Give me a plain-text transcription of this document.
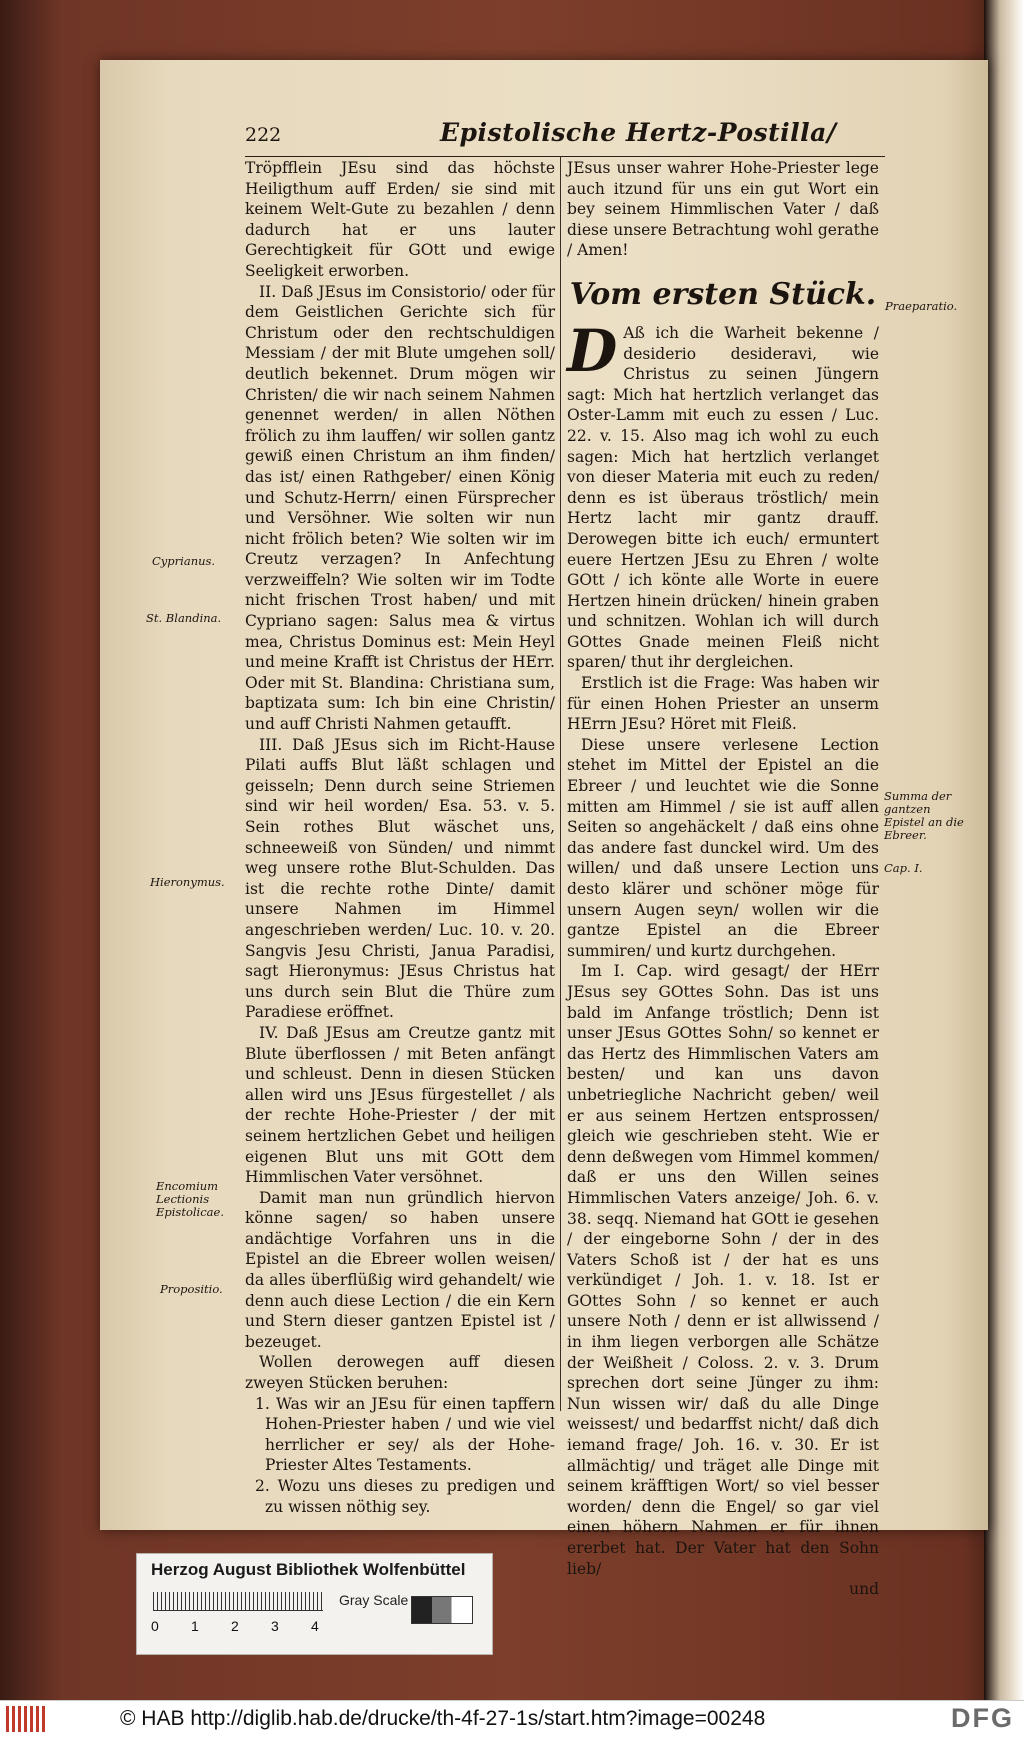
222	Epistolische Hertz-Postilla/

Tröpfflein JEsu sind das höchste Heiligthum auff Erden/ sie sind mit keinem Welt-Gute zu bezahlen / denn dadurch hat er uns lauter Gerechtigkeit für GOtt und ewige Seeligkeit erworben.

II. Daß JEsus im Consistorio/ oder für dem Geistlichen Gerichte sich für Christum oder den rechtschuldigen Messiam / der mit Blute umgehen soll/ deutlich bekennet. Drum mögen wir Christen/ die wir nach seinem Nahmen genennet werden/ in allen Nöthen frölich zu ihm lauffen/ wir sollen gantz gewiß einen Christum an ihm finden/ das ist/ einen Rathgeber/ einen König und Schutz-Herrn/ einen Fürsprecher und Versöhner. Wie solten wir nun nicht frölich beten? Wie solten wir im Creutz verzagen? In Anfechtung verzweiffeln? Wie solten wir im Todte nicht frischen Trost haben/ und mit Cypriano sagen: Salus mea & virtus mea, Christus Dominus est: Mein Heyl und meine Krafft ist Christus der HErr. Oder mit St. Blandina: Christiana sum, baptizata sum: Ich bin eine Christin/ und auff Christi Nahmen getaufft.

III. Daß JEsus sich im Richt-Hause Pilati auffs Blut läßt schlagen und geisseln; Denn durch seine Striemen sind wir heil worden/ Esa. 53. v. 5. Sein rothes Blut wäschet uns, schneeweiß von Sünden/ und nimmt weg unsere rothe Blut-Schulden. Das ist die rechte rothe Dinte/ damit unsere Nahmen im Himmel angeschrieben werden/ Luc. 10. v. 20. Sangvis Jesu Christi, Janua Paradisi, sagt Hieronymus: JEsus Christus hat uns durch sein Blut die Thüre zum Paradiese eröffnet.

IV. Daß JEsus am Creutze gantz mit Blute überflossen / mit Beten anfängt und schleust. Denn in diesen Stücken allen wird uns JEsus fürgestellet / als der rechte Hohe-Priester / der mit seinem hertzlichen Gebet und heiligen eigenen Blut uns mit GOtt dem Himmlischen Vater versöhnet.

Damit man nun gründlich hiervon könne sagen/ so haben unsere andächtige Vorfahren uns in die Epistel an die Ebreer wollen weisen/ da alles überflüßig wird gehandelt/ wie denn auch diese Lection / die ein Kern und Stern dieser gantzen Epistel ist / bezeuget.

Wollen derowegen auff diesen zweyen Stücken beruhen:

1. Was wir an JEsu für einen tapffern Hohen-Priester haben / und wie viel herrlicher er sey/ als der Hohe-Priester Altes Testaments.

2. Wozu uns dieses zu predigen und zu wissen nöthig sey.

JEsus unser wahrer Hohe-Priester lege auch itzund für uns ein gut Wort ein bey seinem Himmlischen Vater / daß diese unsere Betrachtung wohl gerathe / Amen!

Vom ersten Stück.

D Aß ich die Warheit bekenne / desiderio desideravi, wie Christus zu seinen Jüngern sagt: Mich hat hertzlich verlanget das Oster-Lamm mit euch zu essen / Luc. 22. v. 15. Also mag ich wohl zu euch sagen: Mich hat hertzlich verlanget von dieser Materia mit euch zu reden/ denn es ist überaus tröstlich/ mein Hertz lacht mir gantz drauff. Derowegen bitte ich euch/ ermuntert euere Hertzen JEsu zu Ehren / wolte GOtt / ich könte alle Worte in euere Hertzen hinein drücken/ hinein graben und schnitzen. Wohlan ich will durch GOttes Gnade meinen Fleiß nicht sparen/ thut ihr dergleichen.

Erstlich ist die Frage: Was haben wir für einen Hohen Priester an unserm HErrn JEsu? Höret mit Fleiß.

Diese unsere verlesene Lection stehet im Mittel der Epistel an die Ebreer / und leuchtet wie die Sonne mitten am Himmel / sie ist auff allen Seiten so angehäckelt / daß eins ohne das andere fast dunckel wird. Um des willen/ und daß unsere Lection uns desto klärer und schöner möge für unsern Augen seyn/ wollen wir die gantze Epistel an die Ebreer summiren/ und kurtz durchgehen.

Im I. Cap. wird gesagt/ der HErr JEsus sey GOttes Sohn. Das ist uns bald im Anfange tröstlich; Denn ist unser JEsus GOttes Sohn/ so kennet er das Hertz des Himmlischen Vaters am besten/ und kan uns davon unbetriegliche Nachricht geben/ weil er aus seinem Hertzen entsprossen/ gleich wie geschrieben steht. Wie er denn deßwegen vom Himmel kommen/ daß er uns den Willen seines Himmlischen Vaters anzeige/ Joh. 6. v. 38. seqq. Niemand hat GOtt ie gesehen / der eingeborne Sohn / der in des Vaters Schoß ist / der hat es uns verkündiget / Joh. 1. v. 18. Ist er GOttes Sohn / so kennet er auch unsere Noth / denn er ist allwissend / in ihm liegen verborgen alle Schätze der Weißheit / Coloss. 2. v. 3. Drum sprechen dort seine Jünger zu ihm: Nun wissen wir/ daß du alle Dinge weissest/ und bedarffst nicht/ daß dich iemand frage/ Joh. 16. v. 30. Er ist allmächtig/ und träget alle Dinge mit seinem kräfftigen Wort/ so viel besser worden/ denn die Engel/ so gar viel einen höhern Nahmen er für ihnen ererbet hat. Der Vater hat den Sohn lieb/

und

Cyprianus.
St. Blandina.
Hieronymus.
Encomium Lectionis Epistolicae.
Propositio.
Praeparatio.
Summa der gantzen Epistel an die Ebreer.
Cap. I.
Herzog August Bibliothek Wolfenbüttel
0 1 2 3 4
Gray Scale
© HAB http://diglib.hab.de/drucke/th-4f-27-1s/start.htm?image=00248	DFG
